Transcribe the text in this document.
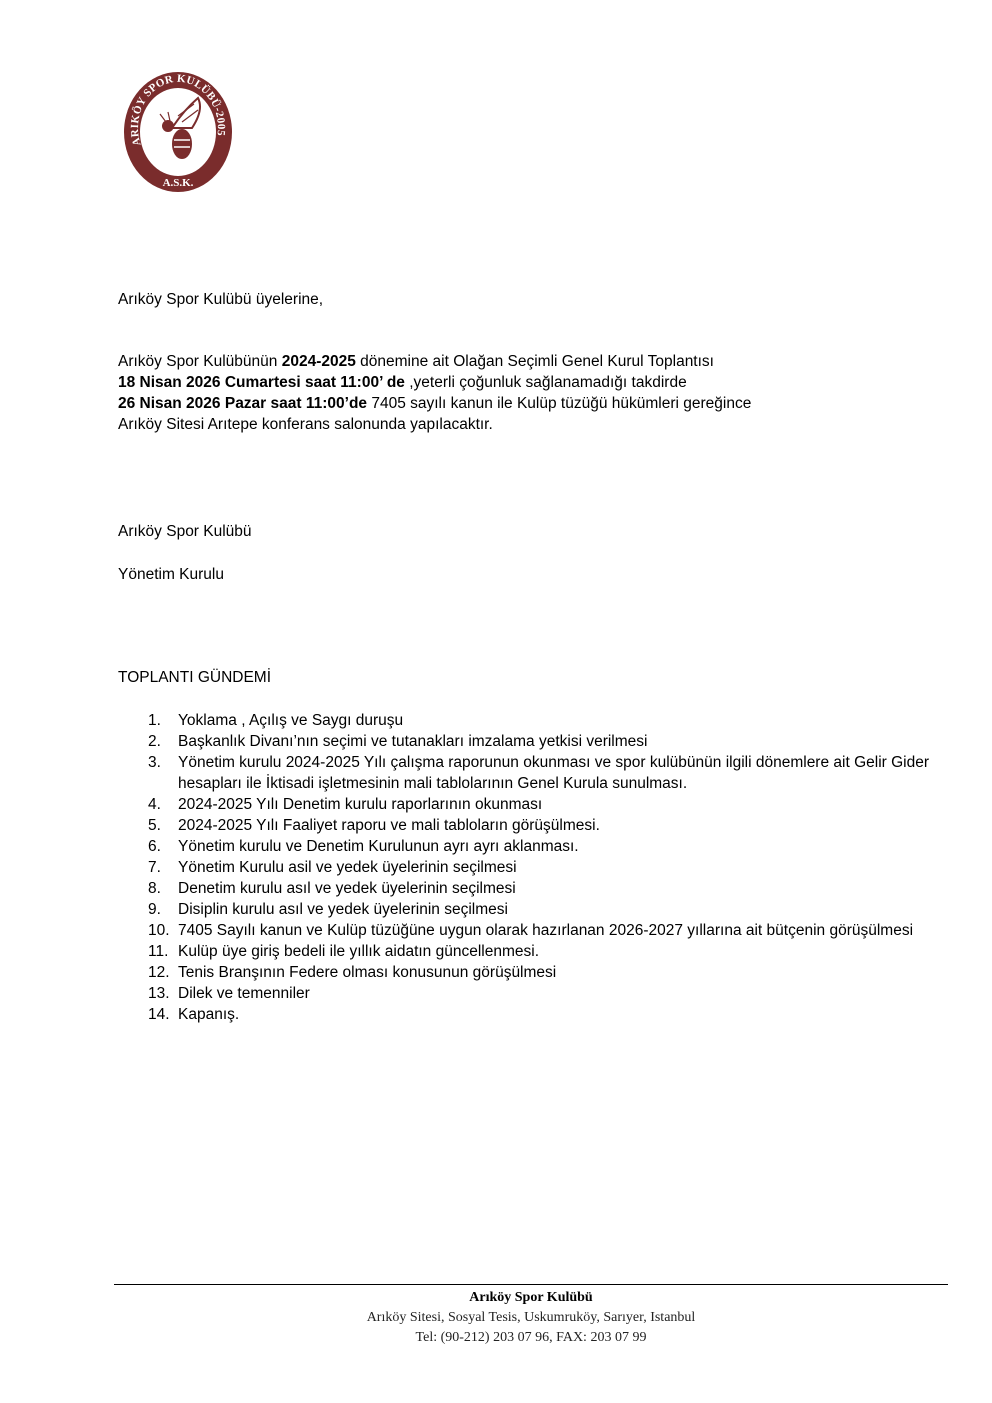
ARIKÖY SPOR KULÜBÜ-2005
A.S.K.
Arıköy Spor Kulübü üyelerine,
Arıköy Spor Kulübünün 2024-2025 dönemine ait Olağan Seçimli Genel Kurul Toplantısı
18 Nisan 2026 Cumartesi saat 11:00’ de ,yeterli çoğunluk sağlanamadığı takdirde
26 Nisan 2026 Pazar saat 11:00’de 7405 sayılı kanun ile Kulüp tüzüğü hükümleri gereğince
Arıköy Sitesi Arıtepe konferans salonunda yapılacaktır.
Arıköy Spor Kulübü
Yönetim Kurulu
TOPLANTI GÜNDEMİ
1.	Yoklama , Açılış ve Saygı duruşu
2.	Başkanlık Divanı’nın seçimi ve tutanakları imzalama yetkisi verilmesi
3.	Yönetim kurulu 2024-2025 Yılı çalışma raporunun okunması ve spor kulübünün ilgili dönemlere ait Gelir Gider hesapları ile İktisadi işletmesinin mali tablolarının Genel Kurula sunulması.
4.	2024-2025 Yılı Denetim kurulu raporlarının okunması
5.	2024-2025 Yılı Faaliyet raporu ve mali tabloların görüşülmesi.
6.	Yönetim kurulu ve Denetim Kurulunun ayrı ayrı aklanması.
7.	Yönetim Kurulu asil ve yedek üyelerinin seçilmesi
8.	Denetim kurulu asıl ve yedek üyelerinin seçilmesi
9.	Disiplin kurulu asıl ve yedek üyelerinin seçilmesi
10. 7405 Sayılı kanun ve Kulüp tüzüğüne uygun olarak hazırlanan 2026-2027 yıllarına ait bütçenin görüşülmesi
11. Kulüp üye giriş bedeli ile yıllık aidatın güncellenmesi.
12. Tenis Branşının Federe olması konusunun görüşülmesi
13. Dilek ve temenniler
14. Kapanış.
Arıköy Spor Kulübü
Arıköy Sitesi, Sosyal Tesis, Uskumruköy, Sarıyer, Istanbul
Tel: (90-212) 203 07 96, FAX: 203 07 99
